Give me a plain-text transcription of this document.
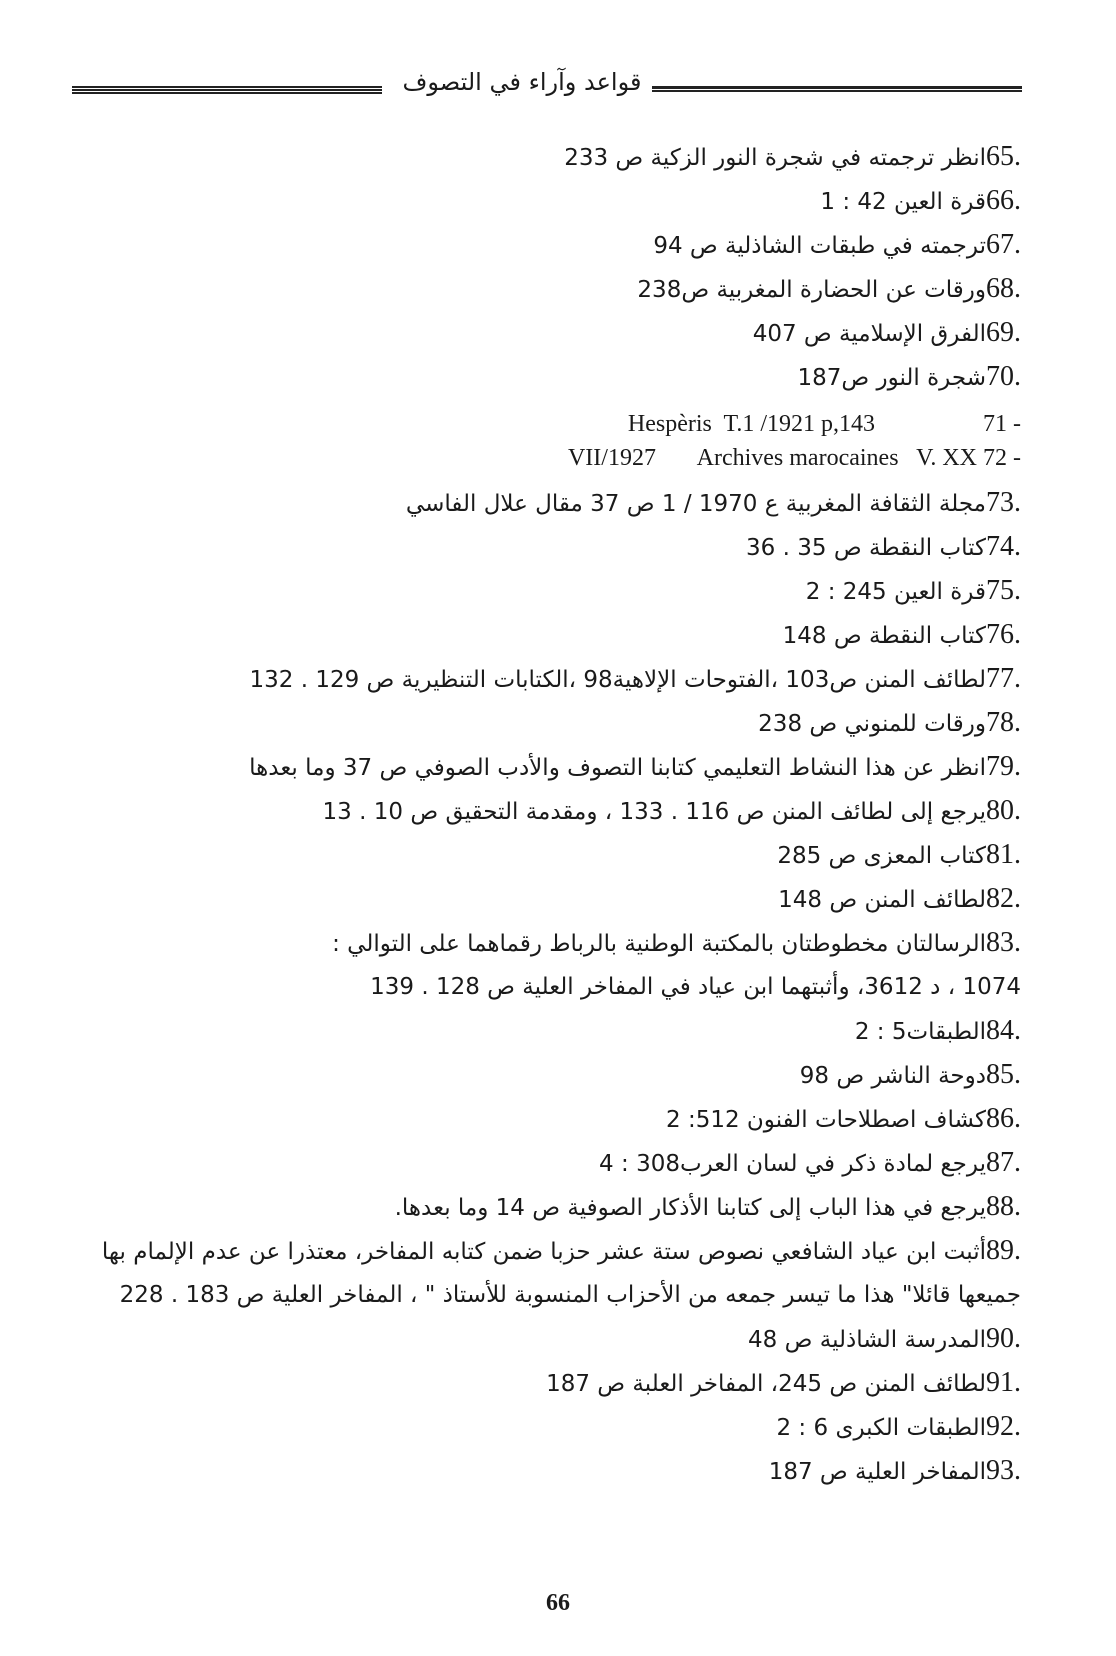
قواعد وآراء في التصوف
.65انظر ترجمته في شجرة النور الزكية ص 233
.66قرة العين 42 : 1
.67ترجمته في طبقات الشاذلية ص 94
.68ورقات عن الحضارة المغربية ص238
.69الفرق الإسلامية ص 407
.70شجرة النور ص187
Hespèris  T.1 /1921 p,143	71 -
VII/1927       Archives marocaines   V. XX 72 -
.73مجلة الثقافة المغربية ع 1970 / 1 ص 37 مقال علال الفاسي
.74كتاب النقطة ص 35 . 36
.75قرة العين 245 : 2
.76كتاب النقطة ص 148
.77لطائف المنن ص103 ،الفتوحات الإلاهية98 ،الكتابات التنظيرية ص 129 . 132
.78ورقات للمنوني ص 238
.79انظر عن هذا النشاط التعليمي كتابنا التصوف والأدب الصوفي ص 37 وما بعدها
.80يرجع إلى لطائف المنن ص 116 . 133 ، ومقدمة التحقيق ص 10 . 13
.81كتاب المعزى ص 285
.82لطائف المنن ص 148
.83الرسالتان مخطوطتان بالمكتبة الوطنية بالرباط رقماهما على التوالي :
1074 ، د 3612، وأثبتهما ابن عياد في المفاخر العلية ص 128 . 139
.84الطبقات5 : 2
.85دوحة الناشر ص 98
.86كشاف اصطلاحات الفنون 512: 2
.87يرجع لمادة ذكر في لسان العرب308 : 4
.88يرجع في هذا الباب إلى كتابنا الأذكار الصوفية ص 14 وما بعدها.
.89أثبت ابن عياد الشافعي نصوص ستة عشر حزبا ضمن كتابه المفاخر، معتذرا عن عدم الإلمام بها
جميعها قائلا" هذا ما تيسر جمعه من الأحزاب المنسوبة للأستاذ " ، المفاخر العلية ص 183 . 228
.90المدرسة الشاذلية ص 48
.91لطائف المنن ص 245، المفاخر العلبة ص 187
.92الطبقات الكبرى 6 : 2
.93المفاخر العلية ص 187
66
